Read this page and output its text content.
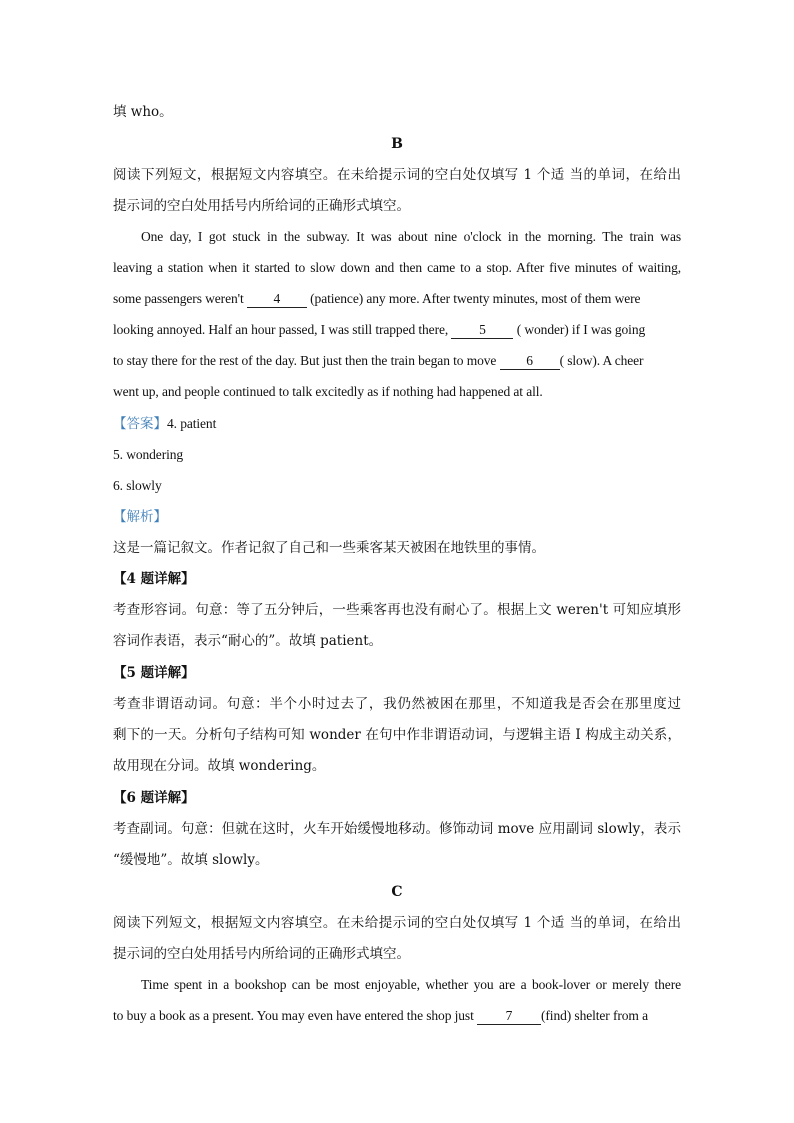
填 who。
B
阅读下列短文，根据短文内容填空。在未给提示词的空白处仅填写 1 个适 当的单词，在给出
提示词的空白处用括号内所给词的正确形式填空。
One day, I got stuck in the subway. It was about nine o'clock in the morning. The train was
leaving a station when it started to slow down and then came to a stop. After five minutes of waiting,
some passengers weren't 4 (patience) any more. After twenty minutes, most of them were
looking annoyed. Half an hour passed, I was still trapped there, 5 ( wonder) if I was going
to stay there for the rest of the day. But just then the train began to move 6 ( slow). A cheer
went up, and people continued to talk excitedly as if nothing had happened at all.
【答案】4. patient
5. wondering
6. slowly
【解析】
这是一篇记叙文。作者记叙了自己和一些乘客某天被困在地铁里的事情。
【4 题详解】
考查形容词。句意：等了五分钟后，一些乘客再也没有耐心了。根据上文 weren't 可知应填形
容词作表语，表示“耐心的”。故填 patient。
【5 题详解】
考查非谓语动词。句意：半个小时过去了，我仍然被困在那里，不知道我是否会在那里度过
剩下的一天。分析句子结构可知 wonder 在句中作非谓语动词，与逻辑主语 I 构成主动关系，
故用现在分词。故填 wondering。
【6 题详解】
考查副词。句意：但就在这时，火车开始缓慢地移动。修饰动词 move 应用副词 slowly，表示
“缓慢地”。故填 slowly。
C
阅读下列短文，根据短文内容填空。在未给提示词的空白处仅填写 1 个适 当的单词，在给出
提示词的空白处用括号内所给词的正确形式填空。
Time spent in a bookshop can be most enjoyable, whether you are a book-lover or merely there
to buy a book as a present. You may even have entered the shop just 7 (find) shelter from a
